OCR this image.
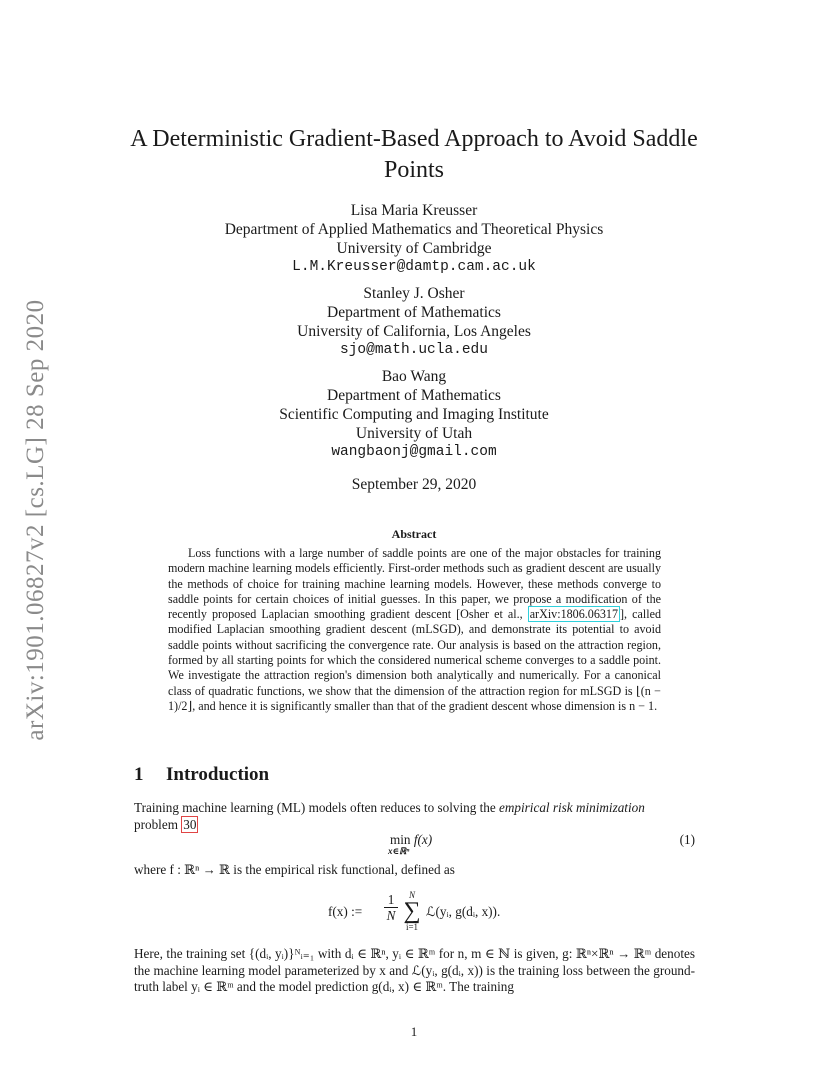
arXiv:1901.06827v2 [cs.LG] 28 Sep 2020
A Deterministic Gradient-Based Approach to Avoid Saddle
Points
Lisa Maria Kreusser
Department of Applied Mathematics and Theoretical Physics
University of Cambridge
L.M.Kreusser@damtp.cam.ac.uk
Stanley J. Osher
Department of Mathematics
University of California, Los Angeles
sjo@math.ucla.edu
Bao Wang
Department of Mathematics
Scientific Computing and Imaging Institute
University of Utah
wangbaonj@gmail.com
September 29, 2020
Abstract
Loss functions with a large number of saddle points are one of the major obstacles for training modern machine learning models efficiently. First-order methods such as gradient descent are usually the methods of choice for training machine learning models. However, these methods converge to saddle points for certain choices of initial guesses. In this paper, we propose a modification of the recently proposed Laplacian smoothing gradient descent [Osher et al., arXiv:1806.06317 ], called modified Laplacian smoothing gradient descent (mLSGD), and demonstrate its potential to avoid saddle points without sacrificing the convergence rate. Our analysis is based on the attraction region, formed by all starting points for which the considered numerical scheme converges to a saddle point. We investigate the attraction region's dimension both analytically and numerically. For a canonical class of quadratic functions, we show that the dimension of the attraction region for mLSGD is ⌊(n − 1)/2⌋, and hence it is significantly smaller than that of the gradient descent whose dimension is n − 1.
1 Introduction
Training machine learning (ML) models often reduces to solving the empirical risk minimization
problem 30
min f(x)
x∈ℝⁿ
(1)
where f : ℝⁿ → ℝ is the empirical risk functional, defined as
f(x) :=
1
N
N
∑
i=1
ℒ(yᵢ, g(dᵢ, x)).
Here, the training set {(dᵢ, yᵢ)}ᴺᵢ₌₁ with dᵢ ∈ ℝⁿ, yᵢ ∈ ℝᵐ for n, m ∈ ℕ is given, g: ℝⁿ×ℝⁿ → ℝᵐ denotes the machine learning model parameterized by x and ℒ(yᵢ, g(dᵢ, x)) is the training loss between the ground-truth label yᵢ ∈ ℝᵐ and the model prediction g(dᵢ, x) ∈ ℝᵐ. The training
1
